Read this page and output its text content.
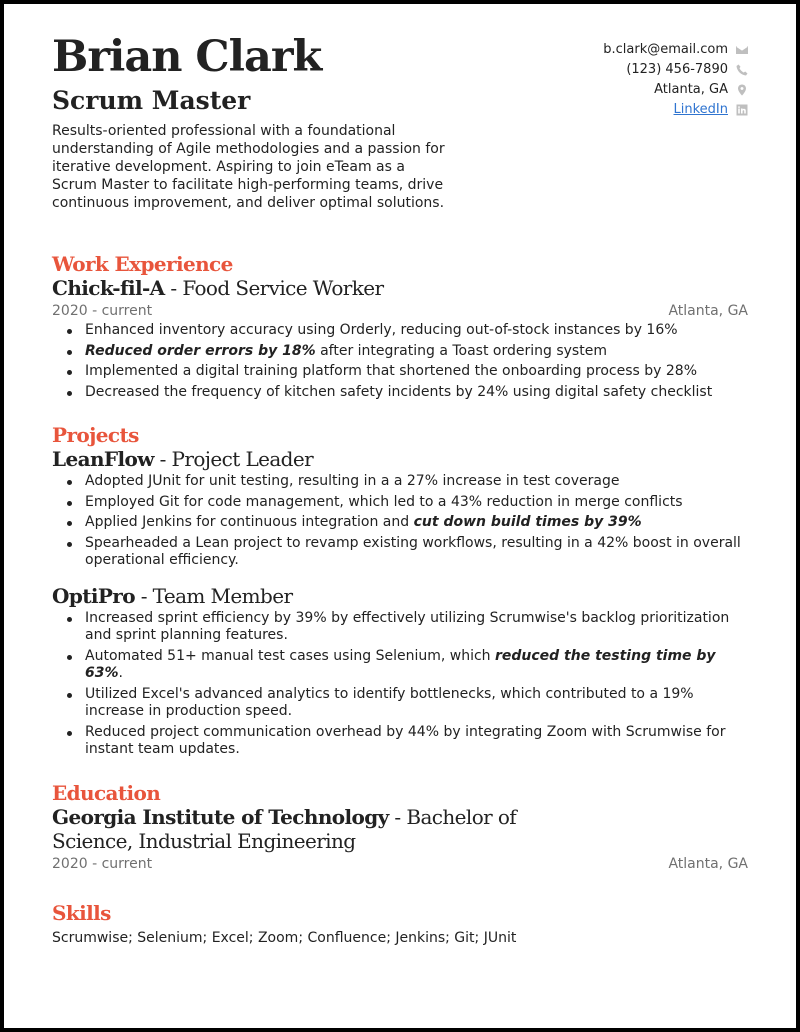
Brian Clark
Scrum Master
Results-oriented professional with a foundational understanding of Agile methodologies and a passion for iterative development. Aspiring to join eTeam as a Scrum Master to facilitate high-performing teams, drive continuous improvement, and deliver optimal solutions.
b.clark@email.com
(123) 456-7890
Atlanta, GA
LinkedIn
Work Experience
Chick-fil-A - Food Service Worker
2020 - current	Atlanta, GA
Enhanced inventory accuracy using Orderly, reducing out-of-stock instances by 16%
Reduced order errors by 18% after integrating a Toast ordering system
Implemented a digital training platform that shortened the onboarding process by 28%
Decreased the frequency of kitchen safety incidents by 24% using digital safety checklist
Projects
LeanFlow - Project Leader
Adopted JUnit for unit testing, resulting in a a 27% increase in test coverage
Employed Git for code management, which led to a 43% reduction in merge conflicts
Applied Jenkins for continuous integration and cut down build times by 39%
Spearheaded a Lean project to revamp existing workflows, resulting in a 42% boost in overall operational efficiency.
OptiPro - Team Member
Increased sprint efficiency by 39% by effectively utilizing Scrumwise's backlog prioritization and sprint planning features.
Automated 51+ manual test cases using Selenium, which reduced the testing time by 63%.
Utilized Excel's advanced analytics to identify bottlenecks, which contributed to a 19% increase in production speed.
Reduced project communication overhead by 44% by integrating Zoom with Scrumwise for instant team updates.
Education
Georgia Institute of Technology - Bachelor of Science, Industrial Engineering
2020 - current	Atlanta, GA
Skills
Scrumwise; Selenium; Excel; Zoom; Confluence; Jenkins; Git; JUnit
